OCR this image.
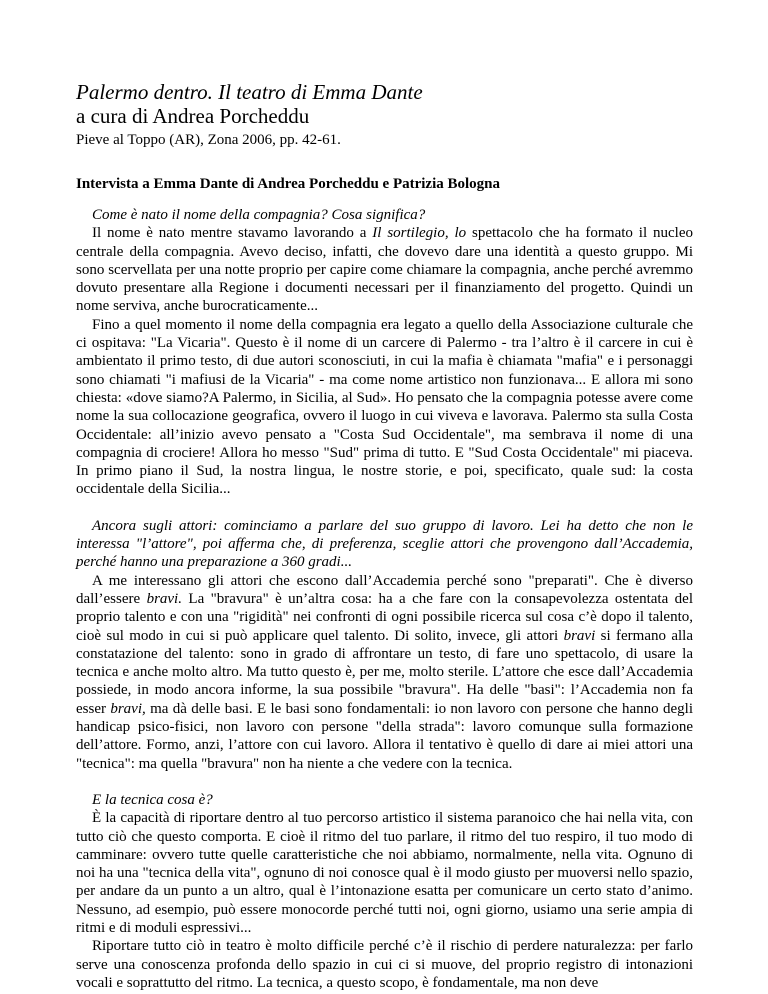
Palermo dentro. Il teatro di Emma Dante
a cura di Andrea Porcheddu
Pieve al Toppo (AR), Zona 2006, pp. 42-61.
Intervista a Emma Dante di Andrea Porcheddu e Patrizia Bologna

Come è nato il nome della compagnia? Cosa significa?

Il nome è nato mentre stavamo lavorando a Il sortilegio, lo spettacolo che ha formato il nucleo centrale della compagnia. Avevo deciso, infatti, che dovevo dare una identità a questo gruppo. Mi sono scervellata per una notte proprio per capire come chiamare la compagnia, anche perché avremmo dovuto presentare alla Regione i documenti necessari per il finanziamento del progetto. Quindi un nome serviva, anche burocraticamente...

Fino a quel momento il nome della compagnia era legato a quello della Associazione culturale che ci ospitava: "La Vicaria". Questo è il nome di un carcere di Palermo - tra l’altro è il carcere in cui è ambientato il primo testo, di due autori sconosciuti, in cui la mafia è chiamata "mafia" e i personaggi sono chiamati "i mafiusi de la Vicaria" - ma come nome artistico non funzionava... E allora mi sono chiesta: «dove siamo?A Palermo, in Sicilia, al Sud». Ho pensato che la compagnia potesse avere come nome la sua collocazione geografica, ovvero il luogo in cui viveva e lavorava. Palermo sta sulla Costa Occidentale: all’inizio avevo pensato a "Costa Sud Occidentale", ma sembrava il nome di una compagnia di crociere! Allora ho messo "Sud" prima di tutto. E "Sud Costa Occidentale" mi piaceva. In primo piano il Sud, la nostra lingua, le nostre storie, e poi, specificato, quale sud: la costa occidentale della Sicilia...

Ancora sugli attori: cominciamo a parlare del suo gruppo di lavoro. Lei ha detto che non le interessa "l’attore", poi afferma che, di preferenza, sceglie attori che provengono dall’Accademia, perché hanno una preparazione a 360 gradi...

A me interessano gli attori che escono dall’Accademia perché sono "preparati". Che è diverso dall’essere bravi. La "bravura" è un’altra cosa: ha a che fare con la consapevolezza ostentata del proprio talento e con una "rigidità" nei confronti di ogni possibile ricerca sul cosa c’è dopo il talento, cioè sul modo in cui si può applicare quel talento. Di solito, invece, gli attori bravi si fermano alla constatazione del talento: sono in grado di affrontare un testo, di fare uno spettacolo, di usare la tecnica e anche molto altro. Ma tutto questo è, per me, molto sterile. L’attore che esce dall’Accademia possiede, in modo ancora informe, la sua possibile "bravura". Ha delle "basi": l’Accademia non fa esser bravi, ma dà delle basi. E le basi sono fondamentali: io non lavoro con persone che hanno degli handicap psico-fisici, non lavoro con persone "della strada": lavoro comunque sulla formazione dell’attore. Formo, anzi, l’attore con cui lavoro. Allora il tentativo è quello di dare ai miei attori una "tecnica": ma quella "bravura" non ha niente a che vedere con la tecnica.

E la tecnica cosa è?

È la capacità di riportare dentro al tuo percorso artistico il sistema paranoico che hai nella vita, con tutto ciò che questo comporta. E cioè il ritmo del tuo parlare, il ritmo del tuo respiro, il tuo modo di camminare: ovvero tutte quelle caratteristiche che noi abbiamo, normalmente, nella vita. Ognuno di noi ha una "tecnica della vita", ognuno di noi conosce qual è il modo giusto per muoversi nello spazio, per andare da un punto a un altro, qual è l’intonazione esatta per comunicare un certo stato d’animo. Nessuno, ad esempio, può essere monocorde perché tutti noi, ogni giorno, usiamo una serie ampia di ritmi e di moduli espressivi...

Riportare tutto ciò in teatro è molto difficile perché c’è il rischio di perdere naturalezza: per farlo serve una conoscenza profonda dello spazio in cui ci si muove, del proprio registro di intonazioni vocali e soprattutto del ritmo. La tecnica, a questo scopo, è fondamentale, ma non deve
